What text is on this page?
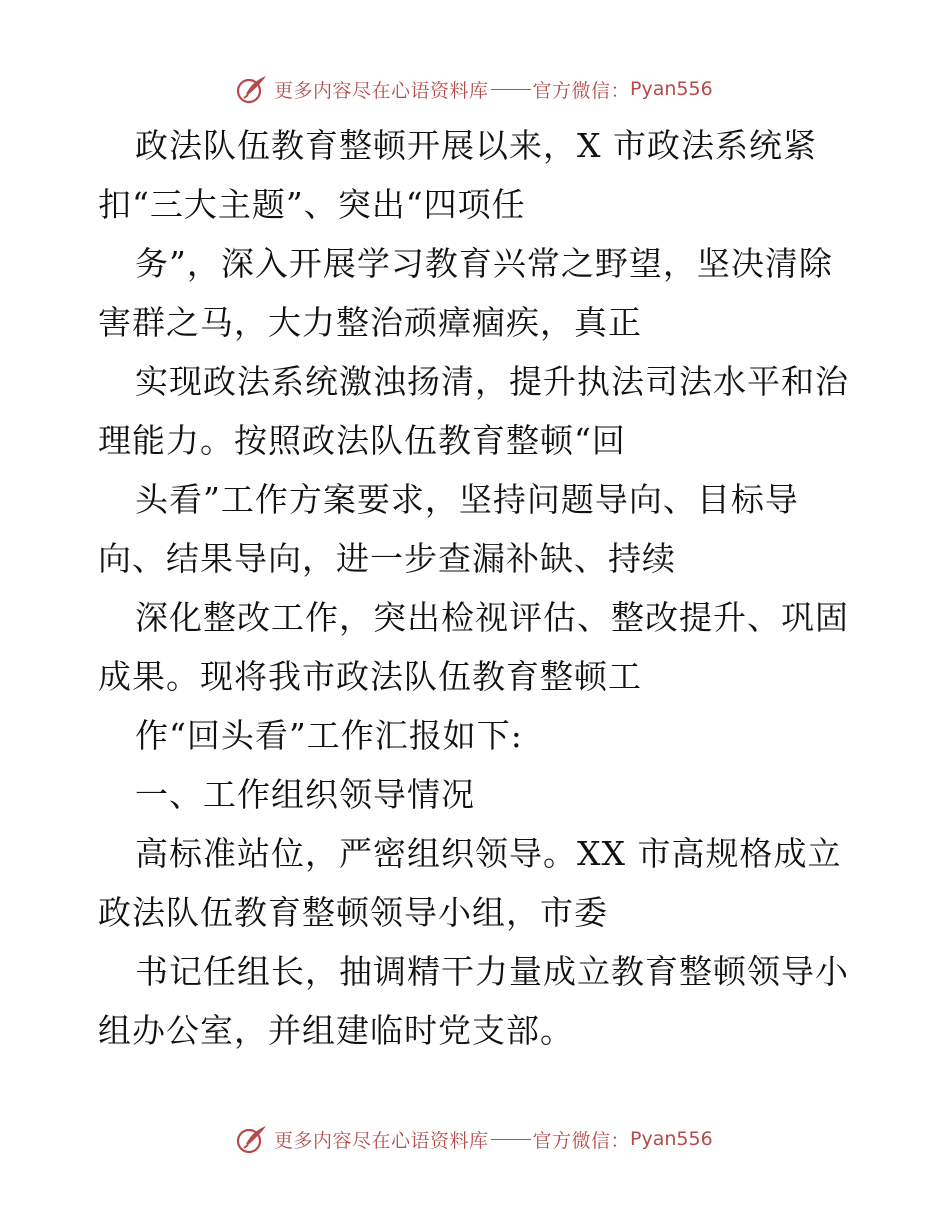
更多内容尽在心语资料库 官方微信： Pyan556
政法队伍教育整顿开展以来，X 市政法系统紧
扣“三大主题”、突出“四项任
务”，深入开展学习教育兴常之野望，坚决清除
害群之马，大力整治顽瘴痼疾，真正
实现政法系统激浊扬清，提升执法司法水平和治
理能力。按照政法队伍教育整顿“回
头看”工作方案要求，坚持问题导向、目标导
向、结果导向，进一步查漏补缺、持续
深化整改工作，突出检视评估、整改提升、巩固
成果。现将我市政法队伍教育整顿工
作“回头看”工作汇报如下:
一、工作组织领导情况
高标准站位，严密组织领导。XX 市高规格成立
政法队伍教育整顿领导小组，市委
书记任组长，抽调精干力量成立教育整顿领导小
组办公室，并组建临时党支部。
更多内容尽在心语资料库 官方微信： Pyan556
